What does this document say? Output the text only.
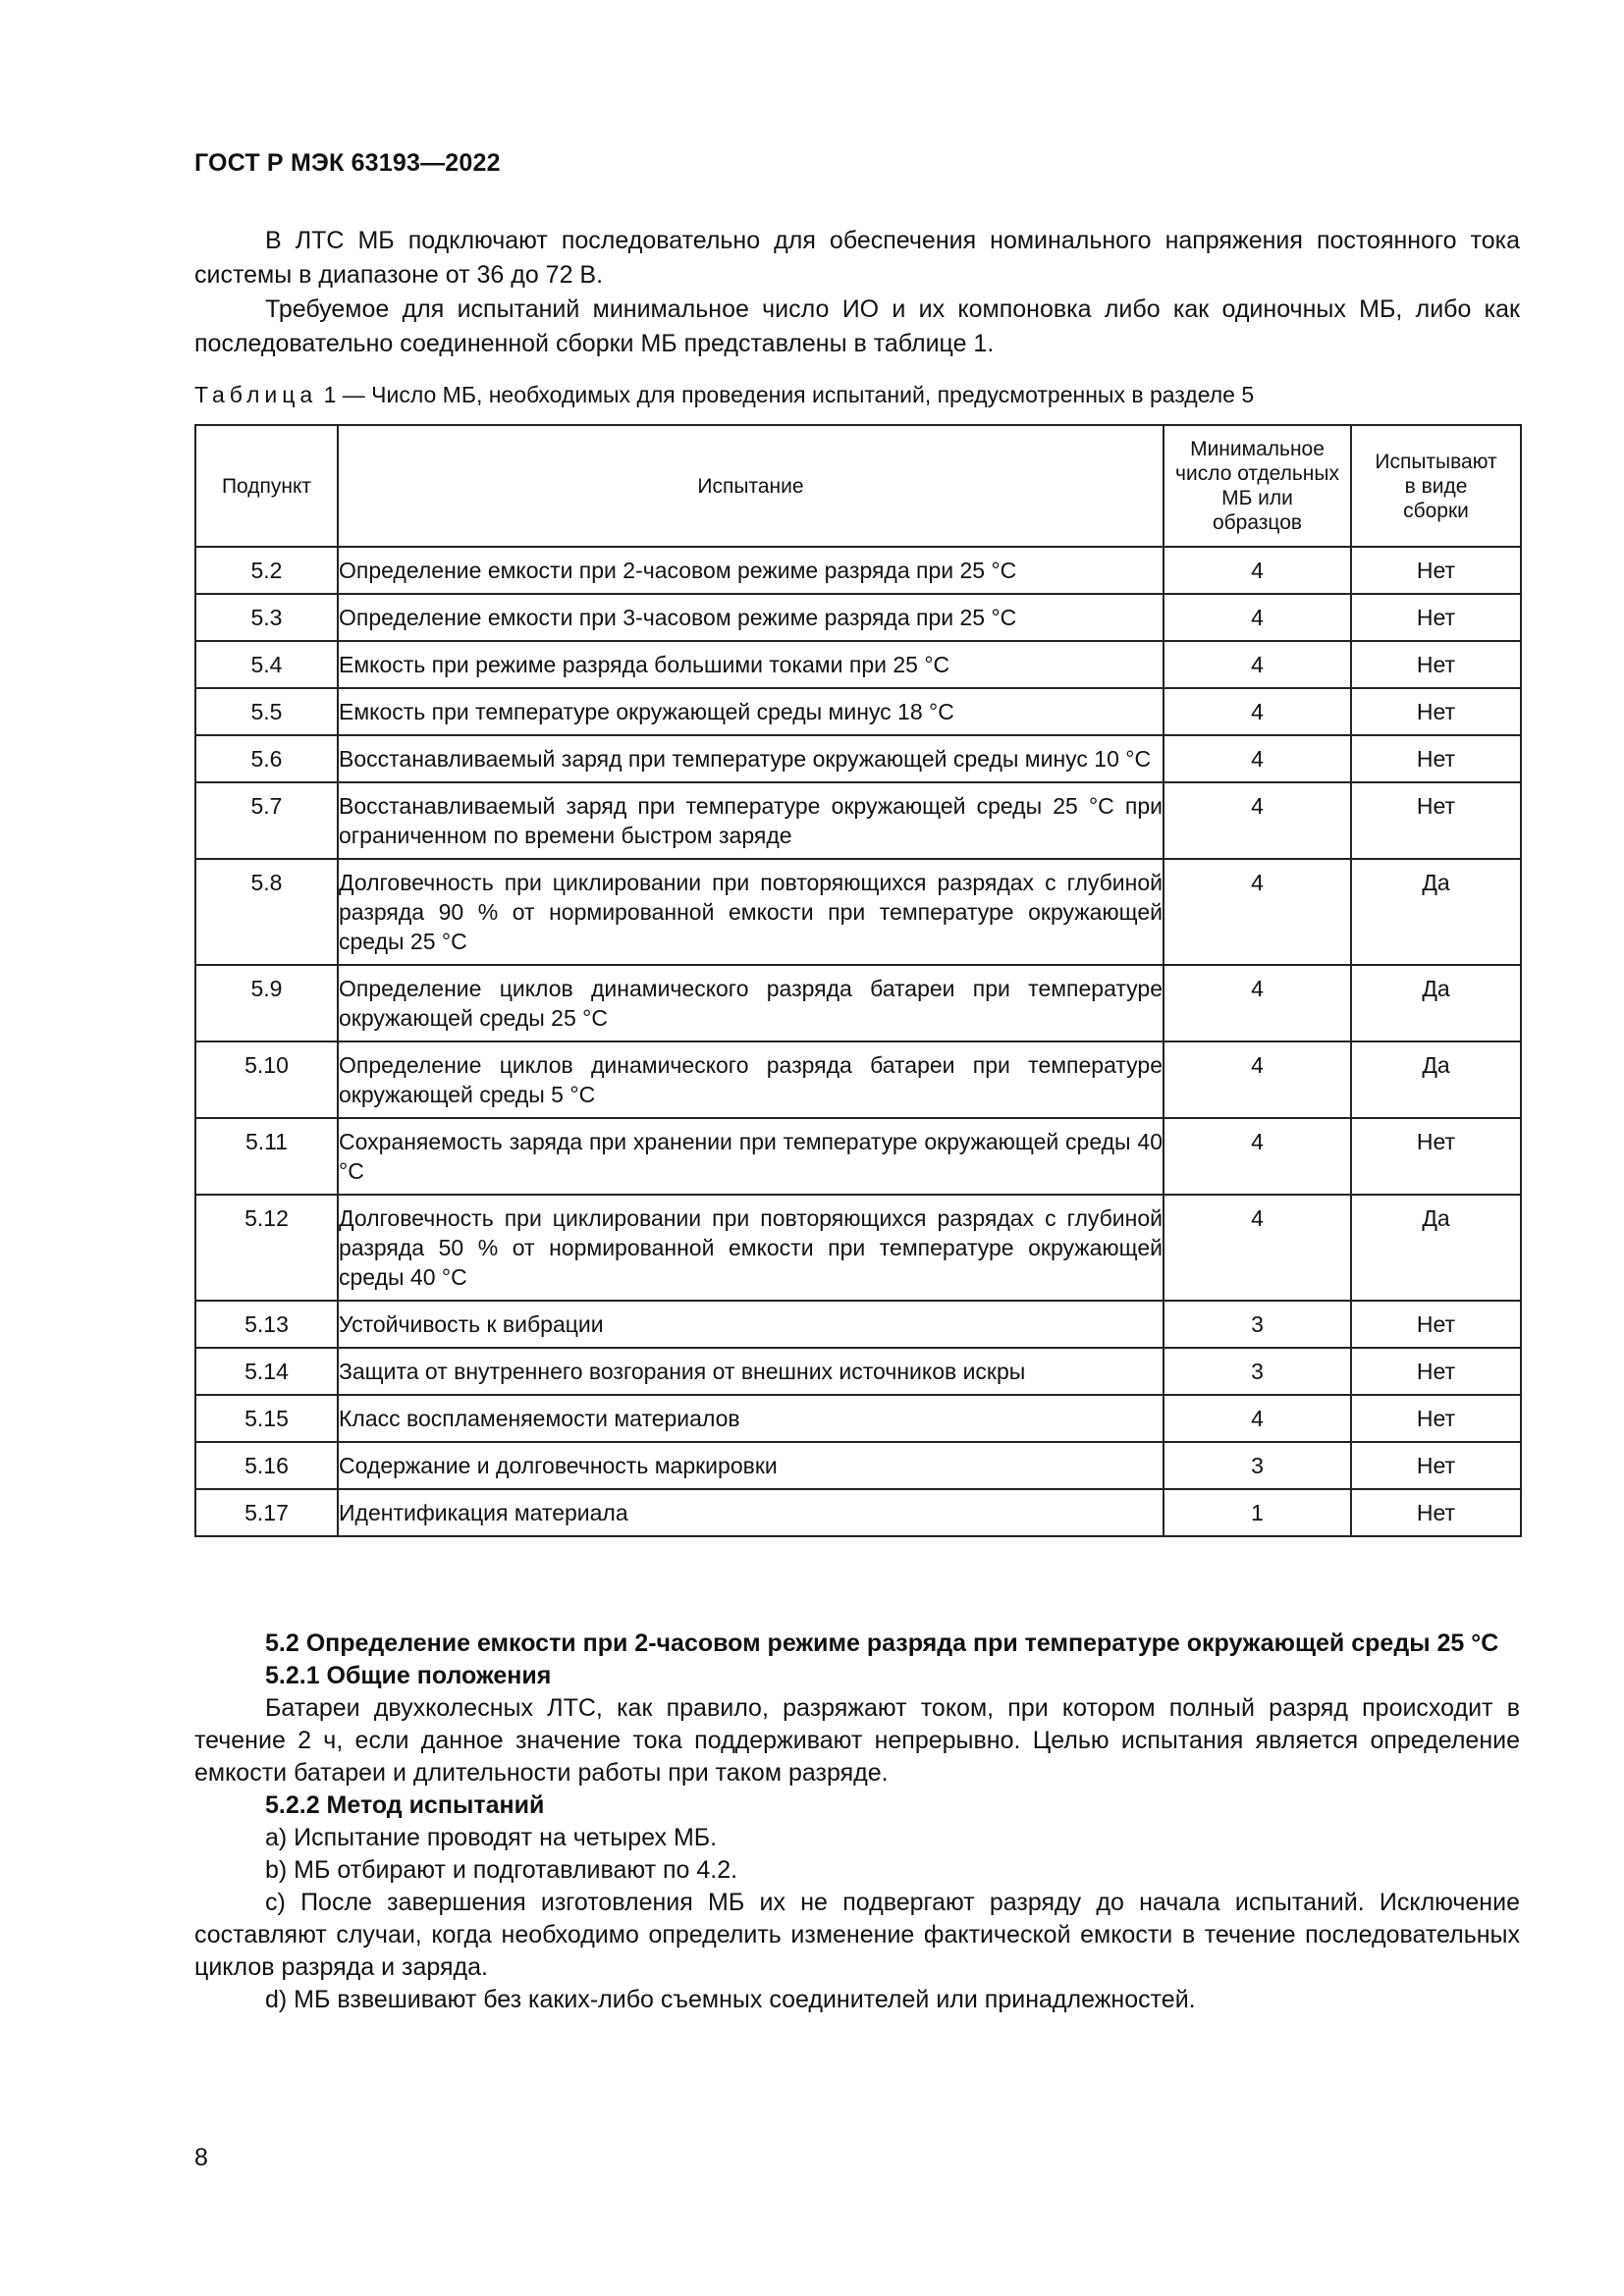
ГОСТ Р МЭК 63193—2022

В ЛТС МБ подключают последовательно для обеспечения номинального напряжения постоянного тока системы в диапазоне от 36 до 72 В.

Требуемое для испытаний минимальное число ИО и их компоновка либо как одиночных МБ, либо как последовательно соединенной сборки МБ представлены в таблице 1.

Таблица 1 — Число МБ, необходимых для проведения испытаний, предусмотренных в разделе 5
Подпункт	Испытание	Минимальное число отдельных МБ или образцов	Испытывают в виде сборки
5.2	Определение емкости при 2-часовом режиме разряда при 25 °С	4	Нет
5.3	Определение емкости при 3-часовом режиме разряда при 25 °С	4	Нет
5.4	Емкость при режиме разряда большими токами при 25 °С	4	Нет
5.5	Емкость при температуре окружающей среды минус 18 °С	4	Нет
5.6	Восстанавливаемый заряд при температуре окружающей среды минус 10 °С	4	Нет
5.7	Восстанавливаемый заряд при температуре окружающей среды 25 °С при ограниченном по времени быстром заряде	4	Нет
5.8	Долговечность при циклировании при повторяющихся разрядах с глубиной разряда 90 % от нормированной емкости при температуре окружающей среды 25 °С	4	Да
5.9	Определение циклов динамического разряда батареи при температуре окружающей среды 25 °С	4	Да
5.10	Определение циклов динамического разряда батареи при температуре окружающей среды 5 °С	4	Да
5.11	Сохраняемость заряда при хранении при температуре окружающей среды 40 °С	4	Нет
5.12	Долговечность при циклировании при повторяющихся разрядах с глубиной разряда 50 % от нормированной емкости при температуре окружающей среды 40 °С	4	Да
5.13	Устойчивость к вибрации	3	Нет
5.14	Защита от внутреннего возгорания от внешних источников искры	3	Нет
5.15	Класс воспламеняемости материалов	4	Нет
5.16	Содержание и долговечность маркировки	3	Нет
5.17	Идентификация материала	1	Нет

5.2 Определение емкости при 2-часовом режиме разряда при температуре окружающей среды 25 °С

5.2.1 Общие положения

Батареи двухколесных ЛТС, как правило, разряжают током, при котором полный разряд происходит в течение 2 ч, если данное значение тока поддерживают непрерывно. Целью испытания является определение емкости батареи и длительности работы при таком разряде.

5.2.2 Метод испытаний

а) Испытание проводят на четырех МБ.

b) МБ отбирают и подготавливают по 4.2.

с) После завершения изготовления МБ их не подвергают разряду до начала испытаний. Исключение составляют случаи, когда необходимо определить изменение фактической емкости в течение последовательных циклов разряда и заряда.

d) МБ взвешивают без каких-либо съемных соединителей или принадлежностей.

8
